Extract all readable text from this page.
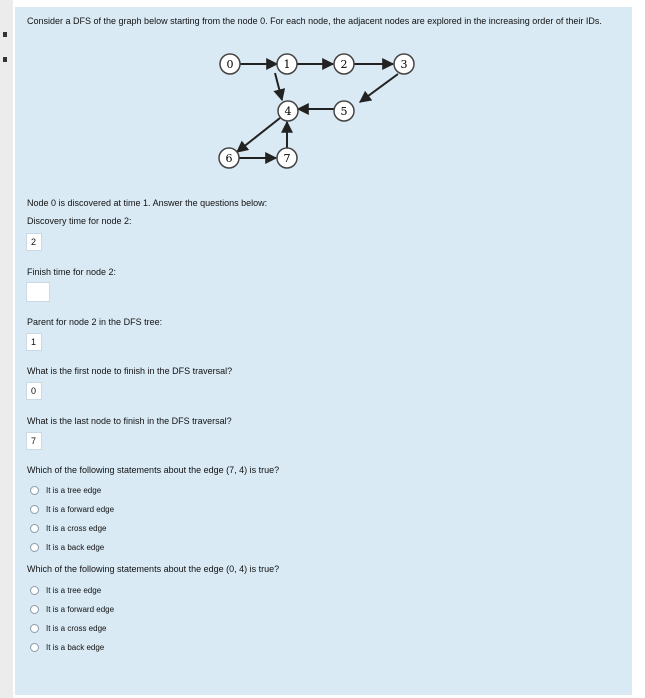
Consider a DFS of the graph below starting from the node 0. For each node, the adjacent nodes are explored in the increasing order of their IDs.
0	1	2	3
4	5
6	7
Node 0 is discovered at time 1. Answer the questions below:
Discovery time for node 2:
2
Finish time for node 2:
Parent for node 2 in the DFS tree:
1
What is the first node to finish in the DFS traversal?
0
What is the last node to finish in the DFS traversal?
7
Which of the following statements about the edge (7, 4) is true?
It is a tree edge
It is a forward edge
It is a cross edge
It is a back edge
Which of the following statements about the edge (0, 4) is true?
It is a tree edge
It is a forward edge
It is a cross edge
It is a back edge
